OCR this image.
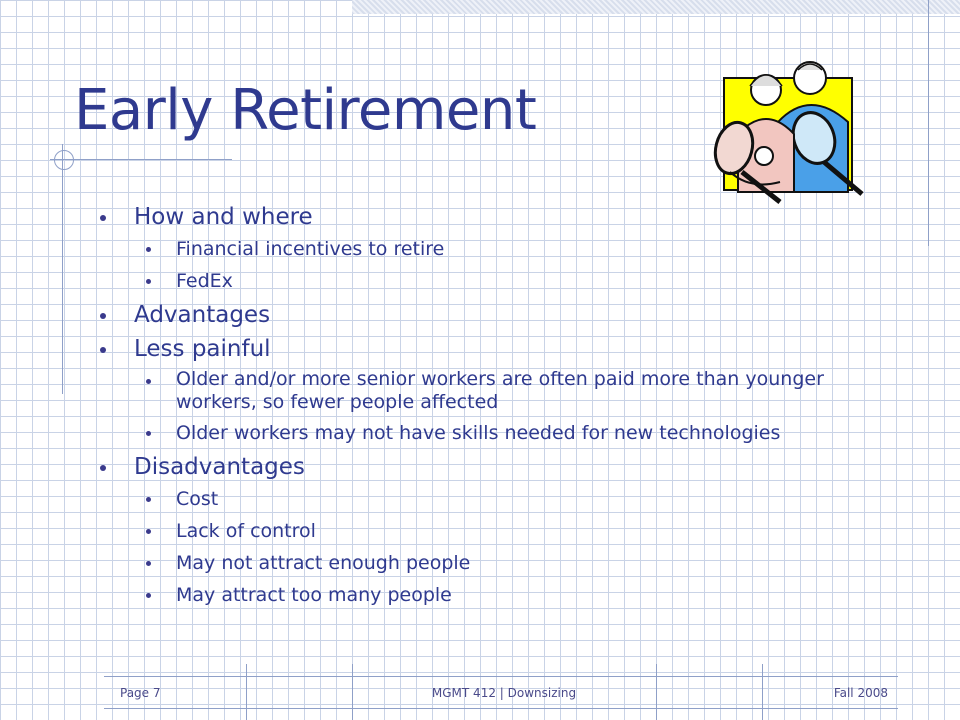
Early Retirement
How and where
Financial incentives to retire
FedEx
Advantages
Less painful
Older and/or more senior workers are often paid more than younger workers, so fewer people affected
Older workers may not have skills needed for new technologies
Disadvantages
Cost
Lack of control
May not attract enough people
May attract too many people
Page 7	MGMT 412 | Downsizing	Fall 2008
